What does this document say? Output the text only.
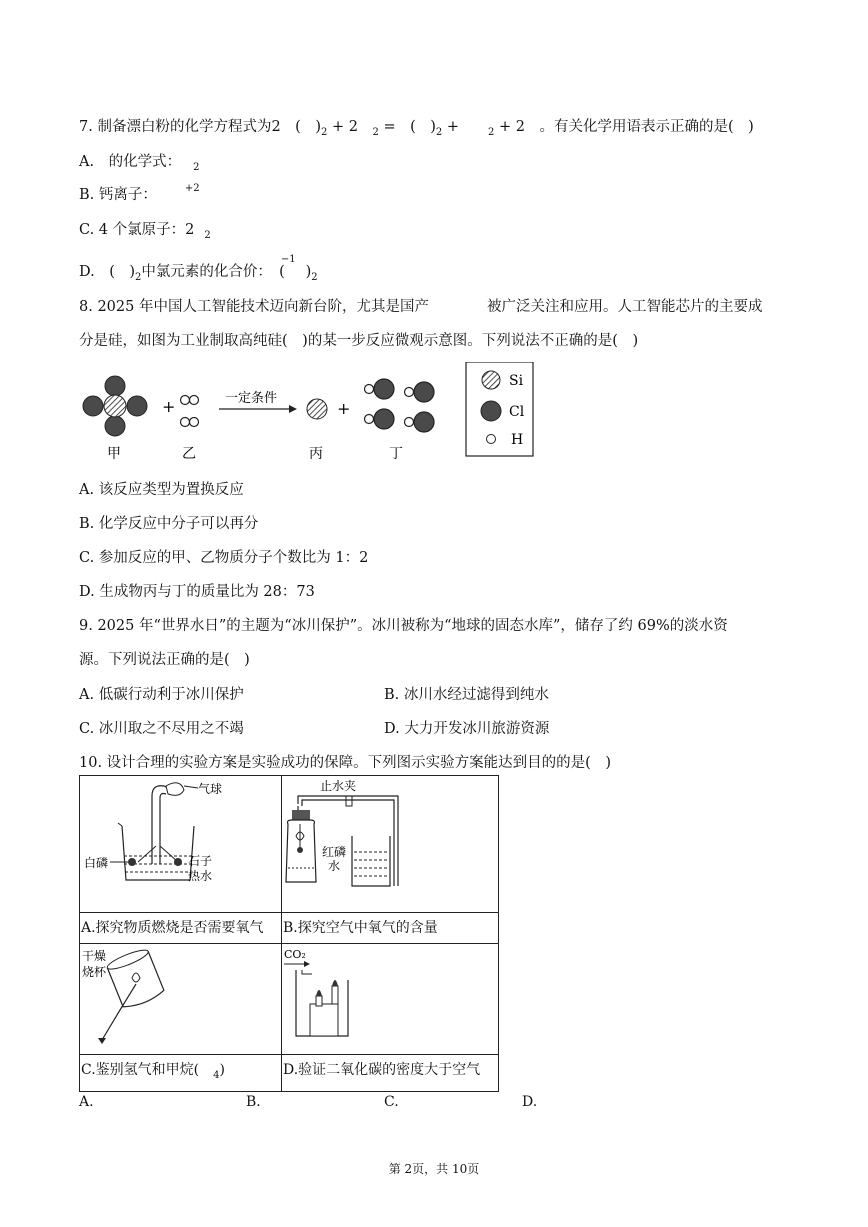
7. 制备漂白粉的化学方程式为2　(　)$_2 + 2$　$_2$ =　(　)$_2$ +　　$_2$ + 2　。有关化学用语表示正确的是(　)
A.　的化学式： $_2$
B. 钙离子：	$^{+2}$
C. 4 个氯原子：2 $_2$
D.　(　)$_2$中氯元素的化合价：　$(^{-1})_2$
8. 2025 年中国人工智能技术迈向新台阶，尤其是国产　　　　被广泛关注和应用。人工智能芯片的主要成
分是硅，如图为工业制取高纯硅(　)的某一步反应微观示意图。下列说法不正确的是(　)
+	一定条件
+
甲	乙	丙	丁
Si
Cl
H
A. 该反应类型为置换反应
B. 化学反应中分子可以再分
C. 参加反应的甲、乙物质分子个数比为 1：2
D. 生成物丙与丁的质量比为 28：73
9. 2025 年“世界水日”的主题为“冰川保护”。冰川被称为“地球的固态水库”，储存了约 69%的淡水资
源。下列说法正确的是(　)
A. 低碳行动利于冰川保护	B. 冰川水经过滤得到纯水
C. 冰川取之不尽用之不竭	D. 大力开发冰川旅游资源
10. 设计合理的实验方案是实验成功的保障。下列图示实验方案能达到目的的是(　)
气球
白磷 石子
热水	止水夹
红磷
水

A.探究物质燃烧是否需要氧气	B.探究空气中氧气的含量

干燥
烧杯	CO₂

C.鉴别氢气和甲烷( $_4$)	D.验证二氧化碳的密度大于空气
A.	B.	C.	D.
第 2页，共 10页
